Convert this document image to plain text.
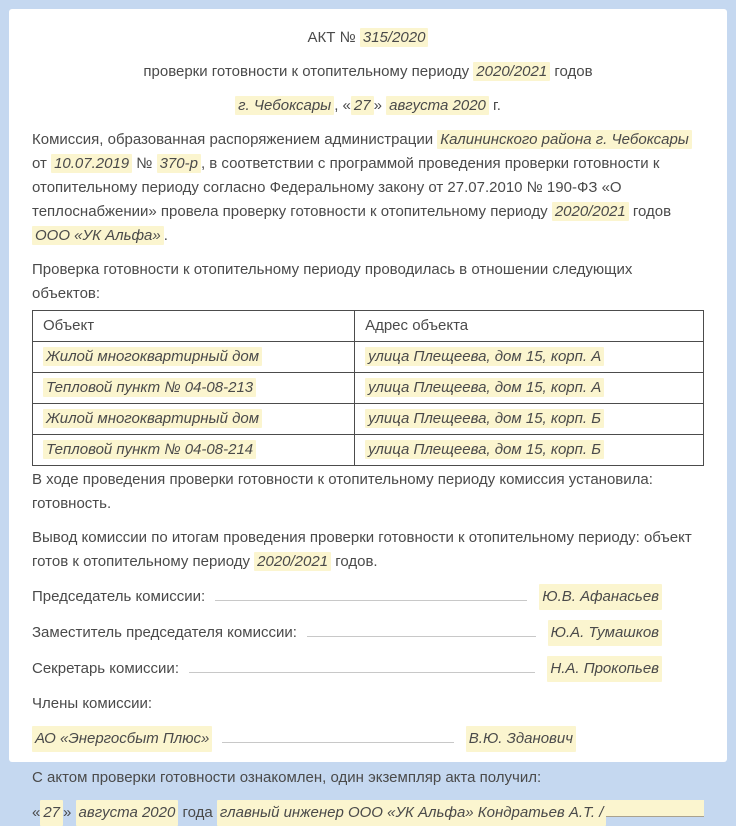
АКТ № 315/2020
проверки готовности к отопительному периоду 2020/2021 годов
г. Чебоксары , « 27 » августа 2020 г.

Комиссия, образованная распоряжением администрации Калининского района г. Чебоксары от 10.07.2019 № 370-р , в соответствии с программой проведения проверки готовности к отопительному периоду согласно Федеральному закону от 27.07.2010 № 190-ФЗ «О теплоснабжении» провела проверку готовности к отопительному периоду 2020/2021 годов ООО «УК Альфа» .

Проверка готовности к отопительному периоду проводилась в отношении следующих объектов:

Объект	Адрес объекта
Жилой многоквартирный дом	улица Плещеева, дом 15, корп. А
Тепловой пункт № 04-08-213	улица Плещеева, дом 15, корп. А
Жилой многоквартирный дом	улица Плещеева, дом 15, корп. Б
Тепловой пункт № 04-08-214	улица Плещеева, дом 15, корп. Б

В ходе проведения проверки готовности к отопительному периоду комиссия установила: готовность.

Вывод комиссии по итогам проведения проверки готовности к отопительному периоду: объект готов к отопительному периоду 2020/2021 годов.

Председатель комиссии:	Ю.В. Афанасьев
Заместитель председателя комиссии:	Ю.А. Тумашков
Секретарь комиссии:	Н.А. Прокопьев

Члены комиссии:

АО «Энергосбыт Плюс»	В.Ю. Зданович

С актом проверки готовности ознакомлен, один экземпляр акта получил:

« 27 » августа 2020 года главный инженер ООО «УК Альфа» Кондратьев А.Т. /
